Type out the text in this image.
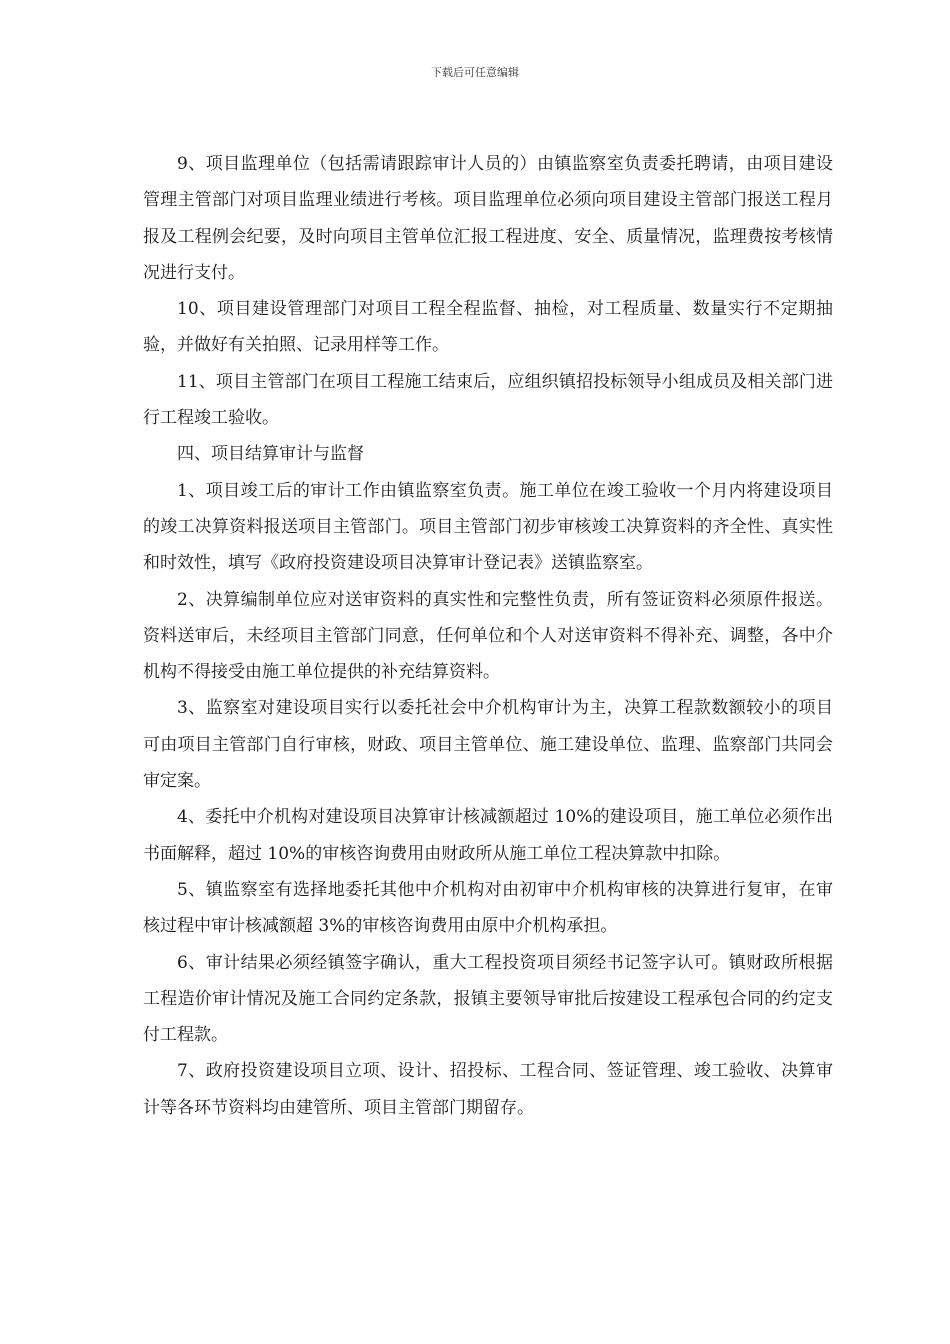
下载后可任意编辑

9、项目监理单位（包括需请跟踪审计人员的）由镇监察室负责委托聘请，由项目建设管理主管部门对项目监理业绩进行考核。项目监理单位必须向项目建设主管部门报送工程月报及工程例会纪要，及时向项目主管单位汇报工程进度、安全、质量情况，监理费按考核情况进行支付。

10、项目建设管理部门对项目工程全程监督、抽检，对工程质量、数量实行不定期抽验，并做好有关拍照、记录用样等工作。

11、项目主管部门在项目工程施工结束后，应组织镇招投标领导小组成员及相关部门进行工程竣工验收。

四、项目结算审计与监督

1、项目竣工后的审计工作由镇监察室负责。施工单位在竣工验收一个月内将建设项目的竣工决算资料报送项目主管部门。项目主管部门初步审核竣工决算资料的齐全性、真实性和时效性，填写《政府投资建设项目决算审计登记表》送镇监察室。

2、决算编制单位应对送审资料的真实性和完整性负责，所有签证资料必须原件报送。资料送审后，未经项目主管部门同意，任何单位和个人对送审资料不得补充、调整，各中介机构不得接受由施工单位提供的补充结算资料。

3、监察室对建设项目实行以委托社会中介机构审计为主，决算工程款数额较小的项目可由项目主管部门自行审核，财政、项目主管单位、施工建设单位、监理、监察部门共同会审定案。

4、委托中介机构对建设项目决算审计核减额超过 10%的建设项目，施工单位必须作出书面解释，超过 10%的审核咨询费用由财政所从施工单位工程决算款中扣除。

5、镇监察室有选择地委托其他中介机构对由初审中介机构审核的决算进行复审，在审核过程中审计核减额超 3%的审核咨询费用由原中介机构承担。

6、审计结果必须经镇签字确认，重大工程投资项目须经书记签字认可。镇财政所根据工程造价审计情况及施工合同约定条款，报镇主要领导审批后按建设工程承包合同的约定支付工程款。

7、政府投资建设项目立项、设计、招投标、工程合同、签证管理、竣工验收、决算审计等各环节资料均由建管所、项目主管部门期留存。
